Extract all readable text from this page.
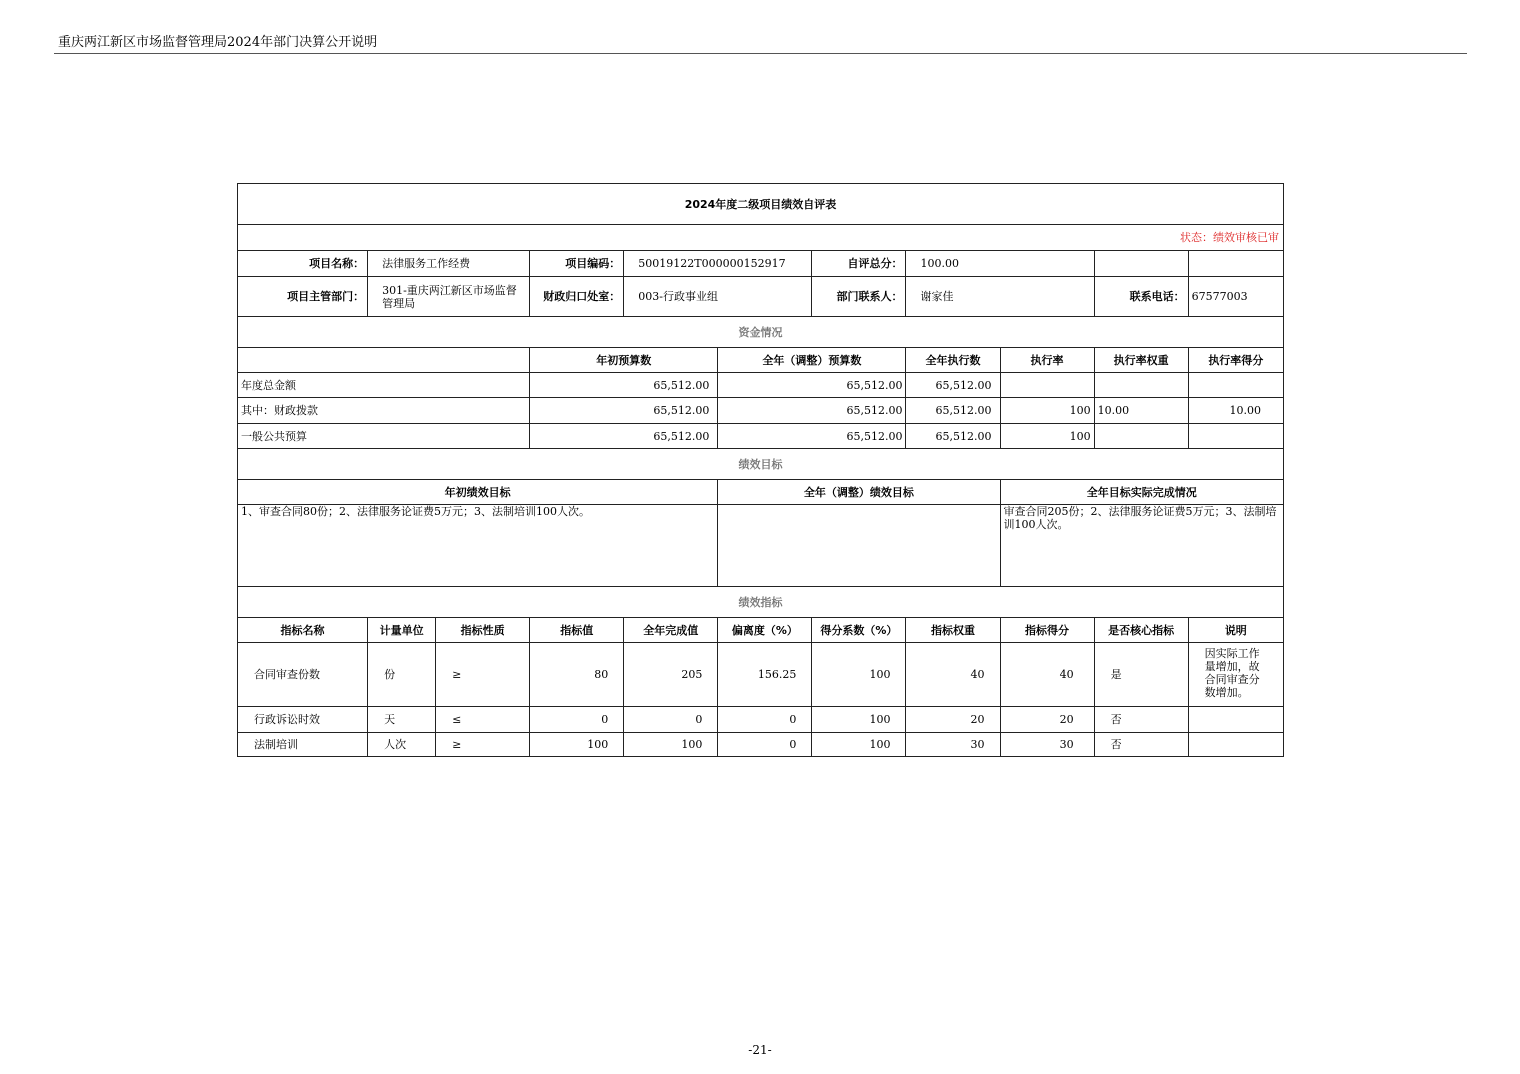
重庆两江新区市场监督管理局2024年部门决算公开说明
2024年度二级项目绩效自评表										
状态：绩效审核已审										
项目名称：	法律服务工作经费		项目编码：	50019122T000000152917		自评总分：	100.00			
项目主管部门：	301-重庆两江新区市场监督管理局		财政归口处室：	003-行政事业组		部门联系人：	谢家佳		联系电话：	67577003
资金情况										
			年初预算数		全年（调整）预算数		全年执行数	执行率	执行率权重	执行率得分
年度总金额			65,512.00		65,512.00		65,512.00			
其中：财政拨款			65,512.00		65,512.00		65,512.00	100	10.00	10.00
一般公共预算			65,512.00		65,512.00		65,512.00	100		
绩效目标										
年初绩效目标					全年（调整）绩效目标			全年目标实际完成情况		
1、审查合同80份；2、法律服务论证费5万元；3、法制培训100人次。								审查合同205份；2、法律服务论证费5万元；3、法制培训100人次。		
绩效指标										
指标名称	计量单位	指标性质	指标值	全年完成值	偏离度（%）	得分系数（%）	指标权重	指标得分	是否核心指标	说明
合同审查份数	份	≥	80	205	156.25	100	40	40	是	因实际工作量增加，故合同审查分数增加。
行政诉讼时效	天	≤	0	0	0	100	20	20	否	
法制培训	人次	≥	100	100	0	100	30	30	否	
-21-
